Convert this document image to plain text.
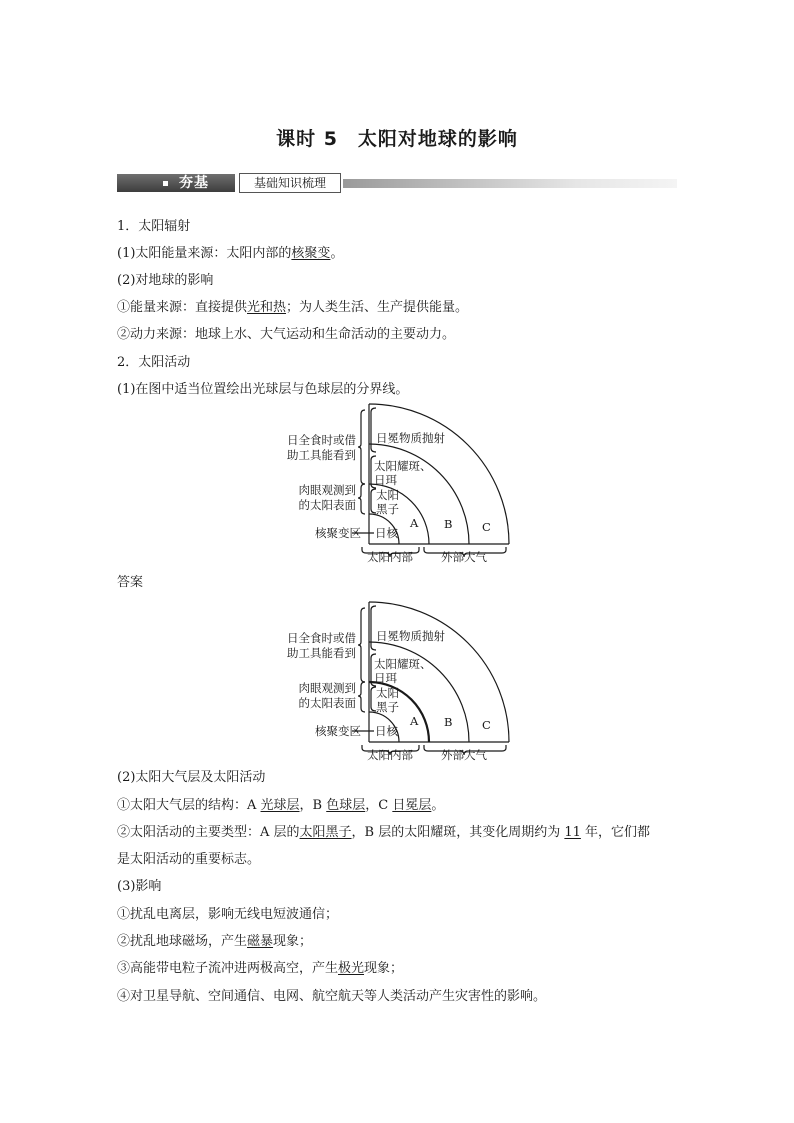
课时 5　太阳对地球的影响
夯基	基础知识梳理
1．太阳辐射
(1)太阳能量来源：太阳内部的核聚变。
(2)对地球的影响
①能量来源：直接提供光和热；为人类生活、生产提供能量。
②动力来源：地球上水、大气运动和生命活动的主要动力。
2．太阳活动
(1)在图中适当位置绘出光球层与色球层的分界线。
日全食时或借
助工具能看到
肉眼观测到
的太阳表面
核聚变区
日冕物质抛射
太阳耀斑、
日珥
太阳
黑子
日核
A B	C
太阳内部 外部大气
答案
日全食时或借
助工具能看到
肉眼观测到
的太阳表面
核聚变区
日冕物质抛射
太阳耀斑、
日珥
太阳
黑子
日核
A B	C
太阳内部 外部大气
(2)太阳大气层及太阳活动
①太阳大气层的结构：A 光球层，B 色球层，C 日冕层。
②太阳活动的主要类型：A 层的太阳黑子，B 层的太阳耀斑，其变化周期约为 11 年，它们都
是太阳活动的重要标志。
(3)影响
①扰乱电离层，影响无线电短波通信；
②扰乱地球磁场，产生磁暴现象；
③高能带电粒子流冲进两极高空，产生极光现象；
④对卫星导航、空间通信、电网、航空航天等人类活动产生灾害性的影响。
